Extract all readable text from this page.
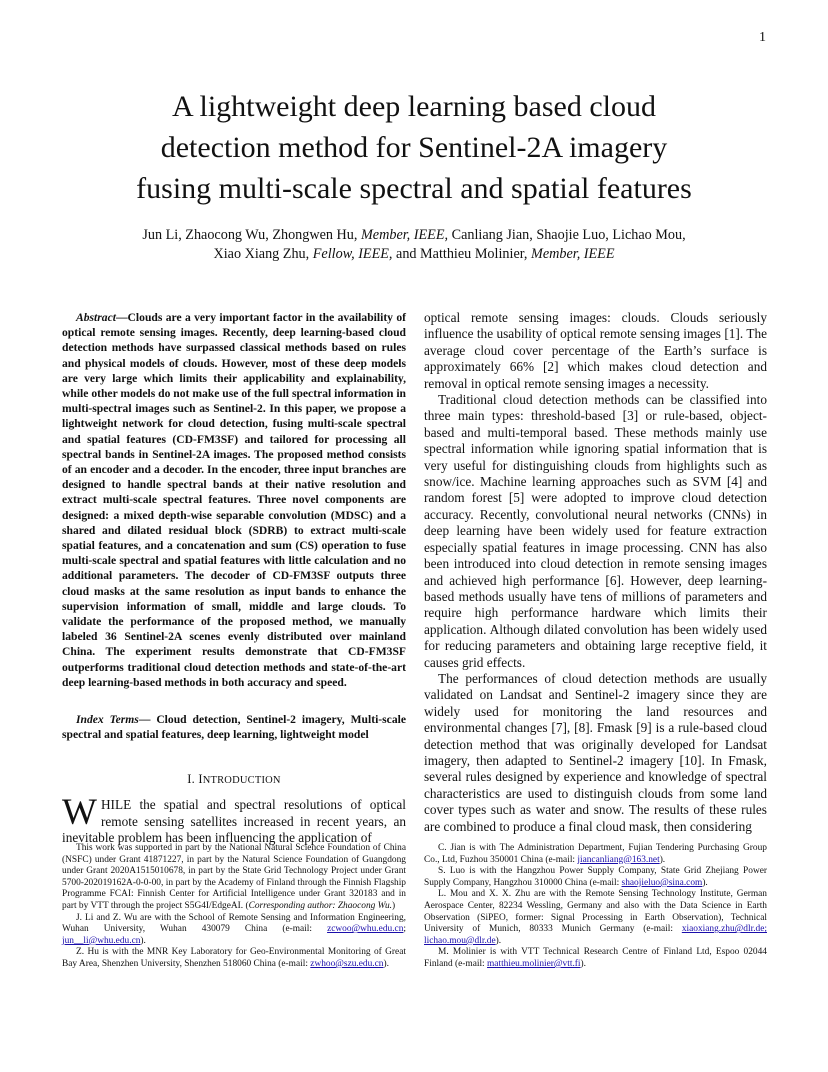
1
A lightweight deep learning based cloud
detection method for Sentinel-2A imagery
fusing multi-scale spectral and spatial features
Jun Li, Zhaocong Wu, Zhongwen Hu, Member, IEEE, Canliang Jian, Shaojie Luo, Lichao Mou,
Xiao Xiang Zhu, Fellow, IEEE, and Matthieu Molinier, Member, IEEE

Abstract—Clouds are a very important factor in the availability of optical remote sensing images. Recently, deep learning-based cloud detection methods have surpassed classical methods based on rules and physical models of clouds. However, most of these deep models are very large which limits their applicability and explainability, while other models do not make use of the full spectral information in multi-spectral images such as Sentinel-2. In this paper, we propose a lightweight network for cloud detection, fusing multi-scale spectral and spatial features (CD-FM3SF) and tailored for processing all spectral bands in Sentinel-2A images. The proposed method consists of an encoder and a decoder. In the encoder, three input branches are designed to handle spectral bands at their native resolution and extract multi-scale spectral features. Three novel components are designed: a mixed depth-wise separable convolution (MDSC) and a shared and dilated residual block (SDRB) to extract multi-scale spatial features, and a concatenation and sum (CS) operation to fuse multi-scale spectral and spatial features with little calculation and no additional parameters. The decoder of CD-FM3SF outputs three cloud masks at the same resolution as input bands to enhance the supervision information of small, middle and large clouds. To validate the performance of the proposed method, we manually labeled 36 Sentinel-2A scenes evenly distributed over mainland China. The experiment results demonstrate that CD-FM3SF outperforms traditional cloud detection methods and state-of-the-art deep learning-based methods in both accuracy and speed.

Index Terms— Cloud detection, Sentinel-2 imagery, Multi-scale spectral and spatial features, deep learning, lightweight model

I. INTRODUCTION

WHILE the spatial and spectral resolutions of optical remote sensing satellites increased in recent years, an inevitable problem has been influencing the application of

optical remote sensing images: clouds. Clouds seriously influence the usability of optical remote sensing images [1]. The average cloud cover percentage of the Earth’s surface is approximately 66% [2] which makes cloud detection and removal in optical remote sensing images a necessity.

Traditional cloud detection methods can be classified into three main types: threshold-based [3] or rule-based, object-based and multi-temporal based. These methods mainly use spectral information while ignoring spatial information that is very useful for distinguishing clouds from highlights such as snow/ice. Machine learning approaches such as SVM [4] and random forest [5] were adopted to improve cloud detection accuracy. Recently, convolutional neural networks (CNNs) in deep learning have been widely used for feature extraction especially spatial features in image processing. CNN has also been introduced into cloud detection in remote sensing images and achieved high performance [6]. However, deep learning-based methods usually have tens of millions of parameters and require high performance hardware which limits their application. Although dilated convolution has been widely used for reducing parameters and obtaining large receptive field, it causes grid effects.

The performances of cloud detection methods are usually validated on Landsat and Sentinel-2 imagery since they are widely used for monitoring the land resources and environmental changes [7], [8]. Fmask [9] is a rule-based cloud detection method that was originally developed for Landsat imagery, then adapted to Sentinel-2 imagery [10]. In Fmask, several rules designed by experience and knowledge of spectral characteristics are used to distinguish clouds from some land cover types such as water and snow. The results of these rules are combined to produce a final cloud mask, then considering

This work was supported in part by the National Natural Science Foundation of China (NSFC) under Grant 41871227, in part by the Natural Science Foundation of Guangdong under Grant 2020A1515010678, in part by the State Grid Technology Project under Grant 5700-202019162A-0-0-00, in part by the Academy of Finland through the Finnish Flagship Programme FCAI: Finnish Center for Artificial Intelligence under Grant 320183 and in part by VTT through the project S5G4I/EdgeAI. (Corresponding author: Zhaocong Wu.)

J. Li and Z. Wu are with the School of Remote Sensing and Information Engineering, Wuhan University, Wuhan 430079 China (e-mail: zcwoo@whu.edu.cn; jun__li@whu.edu.cn).

Z. Hu is with the MNR Key Laboratory for Geo-Environmental Monitoring of Great Bay Area, Shenzhen University, Shenzhen 518060 China (e-mail: zwhoo@szu.edu.cn).

C. Jian is with The Administration Department, Fujian Tendering Purchasing Group Co., Ltd, Fuzhou 350001 China (e-mail: jiancanliang@163.net).

S. Luo is with the Hangzhou Power Supply Company, State Grid Zhejiang Power Supply Company, Hangzhou 310000 China (e-mail: shaojieluo@sina.com).

L. Mou and X. X. Zhu are with the Remote Sensing Technology Institute, German Aerospace Center, 82234 Wessling, Germany and also with the Data Science in Earth Observation (SiPEO, former: Signal Processing in Earth Observation), Technical University of Munich, 80333 Munich Germany (e-mail: xiaoxiang.zhu@dlr.de; lichao.mou@dlr.de).

M. Molinier is with VTT Technical Research Centre of Finland Ltd, Espoo 02044 Finland (e-mail: matthieu.molinier@vtt.fi).
